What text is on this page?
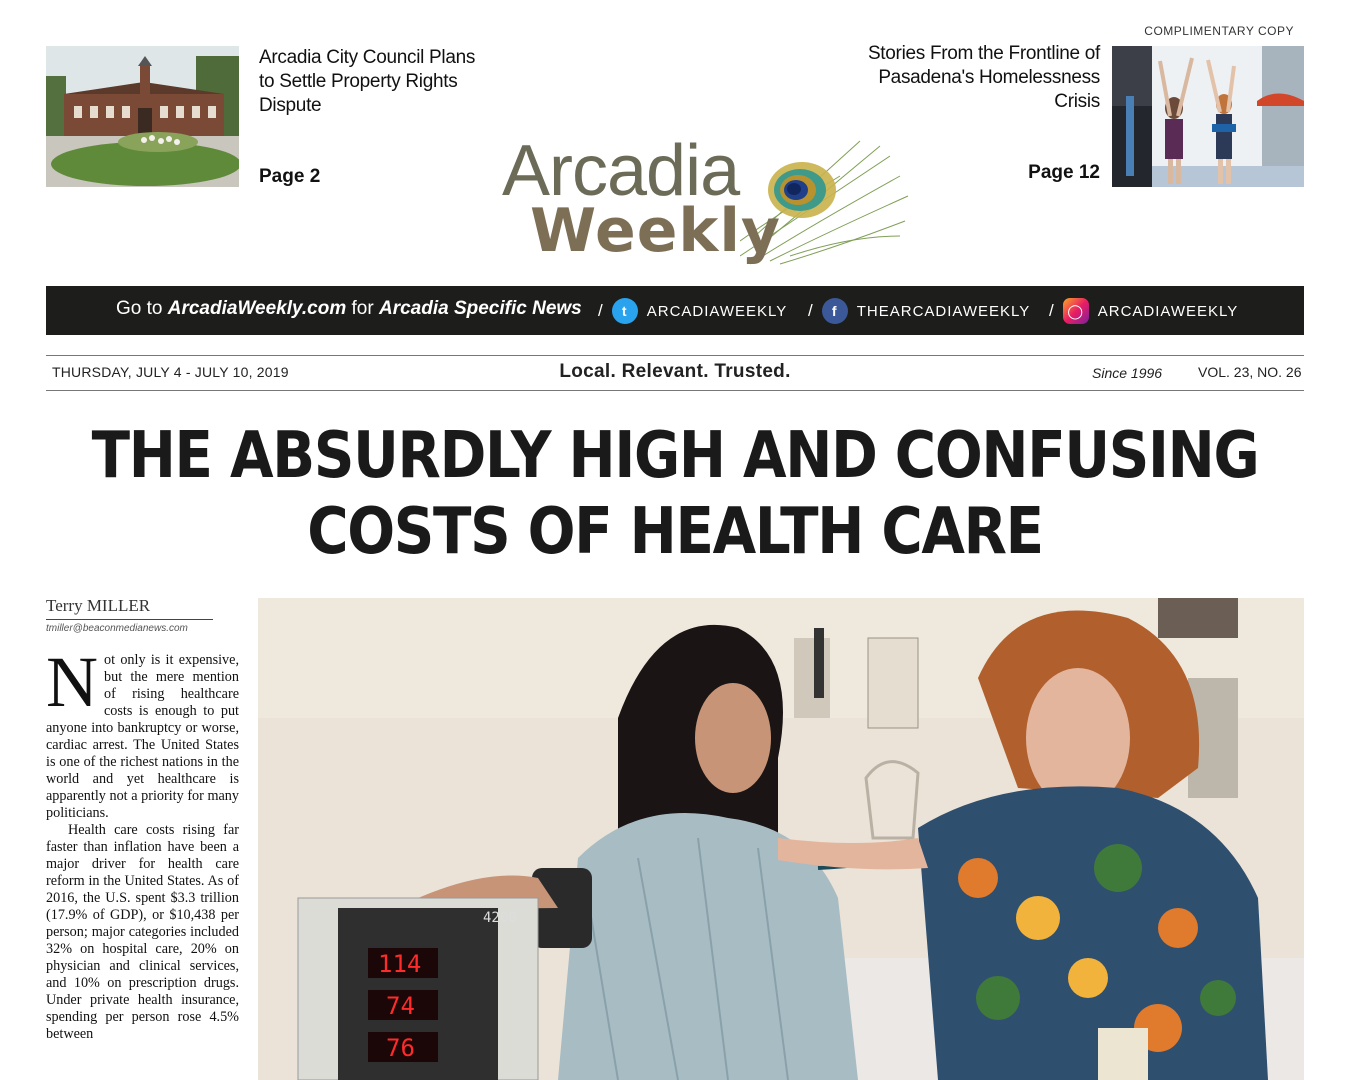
COMPLIMENTARY COPY
Arcadia City Council Plans to Settle Property Rights Dispute
Page 2
Stories From the Frontline of Pasadena's Homelessness Crisis
Page 12
Arcadia
Weekly
Go to ArcadiaWeekly.com for Arcadia Specific News /	t	ARCADIAWEEKLY /	f	THEARCADIAWEEKLY / ◯ ARCADIAWEEKLY
THURSDAY, JULY 4 - JULY 10, 2019	Local. Relevant. Trusted.	Since 1996	VOL. 23, NO. 26
THE ABSURDLY HIGH AND CONFUSING
COSTS OF HEALTH CARE
Terry MILLER
tmiller@beaconmedianews.com

Not only is it expensive, but the mere mention of rising healthcare costs is enough to put anyone into bankruptcy or worse, cardiac arrest. The United States is one of the richest nations in the world and yet healthcare is apparently not a priority for many politicians.

Health care costs rising far faster than inflation have been a major driver for health care reform in the United States. As of 2016, the U.S. spent $3.3 trillion (17.9% of GDP), or $10,438 per person; major categories included 32% on hospital care, 20% on physician and clinical services, and 10% on prescription drugs. Under private health insurance, spending per person rose 4.5% between

4200
114
74
76
